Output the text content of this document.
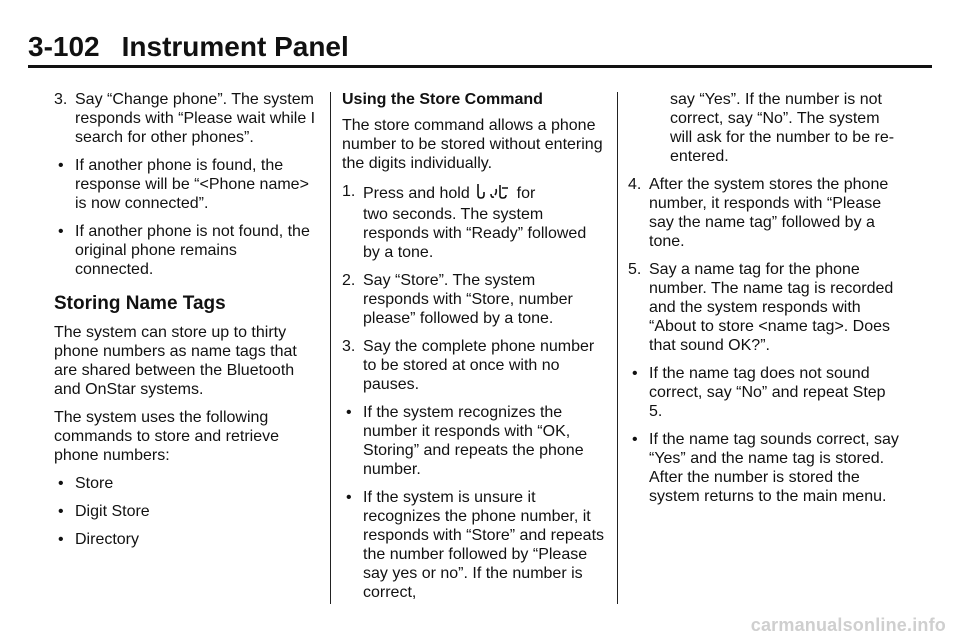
3-102 Instrument Panel

3. Say “Change phone”. The system responds with “Please wait while I search for other phones”.

• If another phone is found, the response will be “<Phone name> is now connected”.

• If another phone is not found, the original phone remains connected.

Storing Name Tags

The system can store up to thirty phone numbers as name tags that are shared between the Bluetooth and OnStar systems.

The system uses the following commands to store and retrieve phone numbers:

• Store

• Digit Store

• Directory

Using the Store Command

The store command allows a phone number to be stored without entering the digits individually.

1. Press and hold	for
two seconds. The system responds with “Ready” followed by a tone.

2. Say “Store”. The system responds with “Store, number please” followed by a tone.

3. Say the complete phone number to be stored at once with no pauses.

• If the system recognizes the number it responds with “OK, Storing” and repeats the phone number.

• If the system is unsure it recognizes the phone number, it responds with “Store” and repeats the number followed by “Please say yes or no”. If the number is correct,

say “Yes”. If the number is not correct, say “No”. The system will ask for the number to be re-entered.

4. After the system stores the phone number, it responds with “Please say the name tag” followed by a tone.

5. Say a name tag for the phone number. The name tag is recorded and the system responds with “About to store <name tag>. Does that sound OK?”.

• If the name tag does not sound correct, say “No” and repeat Step 5.

• If the name tag sounds correct, say “Yes” and the name tag is stored. After the number is stored the system returns to the main menu.

carmanualsonline.info
